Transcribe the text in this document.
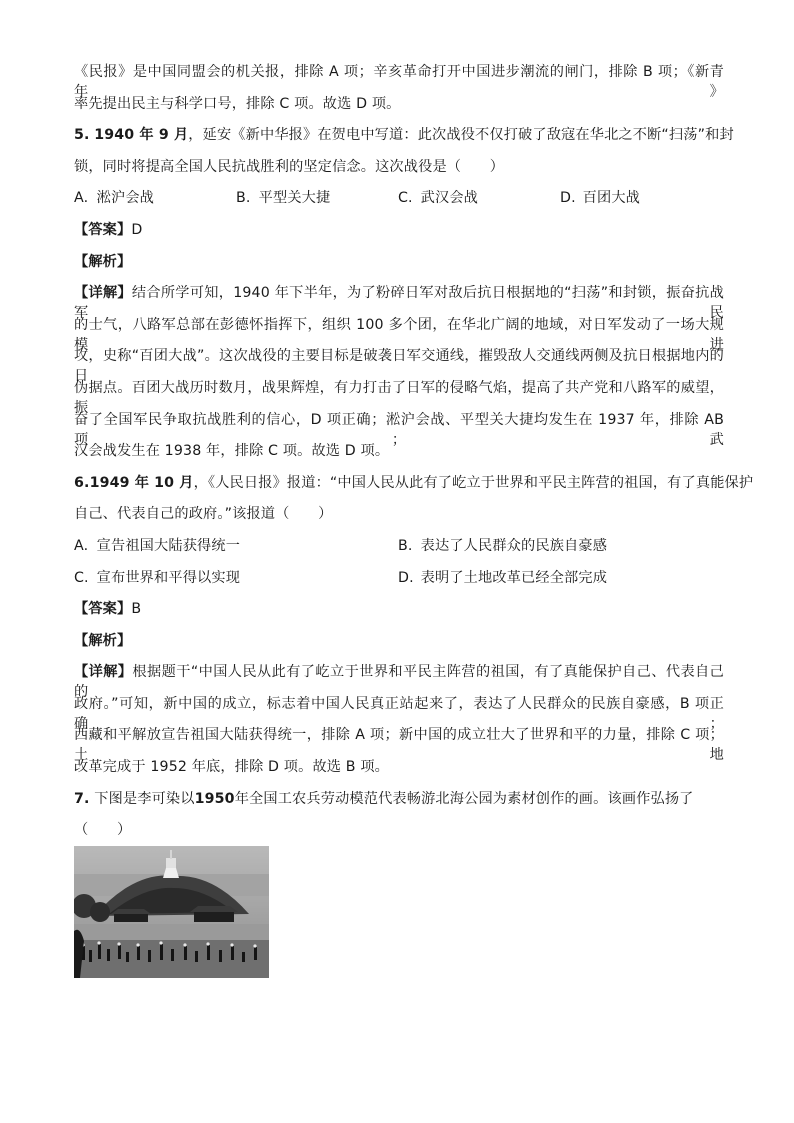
《民报》是中国同盟会的机关报，排除 A 项；辛亥革命打开中国进步潮流的闸门，排除 B 项；《新青年》
率先提出民主与科学口号，排除 C 项。故选 D 项。
5. 1940 年 9 月，延安《新中华报》在贺电中写道：此次战役不仅打破了敌寇在华北之不断“扫荡”和封
锁，同时将提高全国人民抗战胜利的坚定信念。这次战役是（　　）
A. 淞沪会战	B. 平型关大捷	C. 武汉会战	D. 百团大战
【答案】D
【解析】
【详解】结合所学可知，1940 年下半年，为了粉碎日军对敌后抗日根据地的“扫荡”和封锁，振奋抗战军民
的士气，八路军总部在彭德怀指挥下，组织 100 多个团，在华北广阔的地域，对日军发动了一场大规模进
攻，史称“百团大战”。这次战役的主要目标是破袭日军交通线，摧毁敌人交通线两侧及抗日根据地内的日
伪据点。百团大战历时数月，战果辉煌，有力打击了日军的侵略气焰，提高了共产党和八路军的威望，振
奋了全国军民争取抗战胜利的信心，D 项正确；淞沪会战、平型关大捷均发生在 1937 年，排除 AB 项；武
汉会战发生在 1938 年，排除 C 项。故选 D 项。
6.1949 年 10 月，《人民日报》报道：“中国人民从此有了屹立于世界和平民主阵营的祖国，有了真能保护
自己、代表自己的政府。”该报道（　　）
A. 宣告祖国大陆获得统一	B. 表达了人民群众的民族自豪感
C. 宣布世界和平得以实现	D. 表明了土地改革已经全部完成
【答案】B
【解析】
【详解】根据题干“中国人民从此有了屹立于世界和平民主阵营的祖国，有了真能保护自己、代表自己的
政府。”可知，新中国的成立，标志着中国人民真正站起来了，表达了人民群众的民族自豪感，B 项正确；
西藏和平解放宣告祖国大陆获得统一，排除 A 项；新中国的成立壮大了世界和平的力量，排除 C 项；土地
改革完成于 1952 年底，排除 D 项。故选 B 项。
7. 下图是李可染以1950年全国工农兵劳动模范代表畅游北海公园为素材创作的画。该画作弘扬了
（　　）
